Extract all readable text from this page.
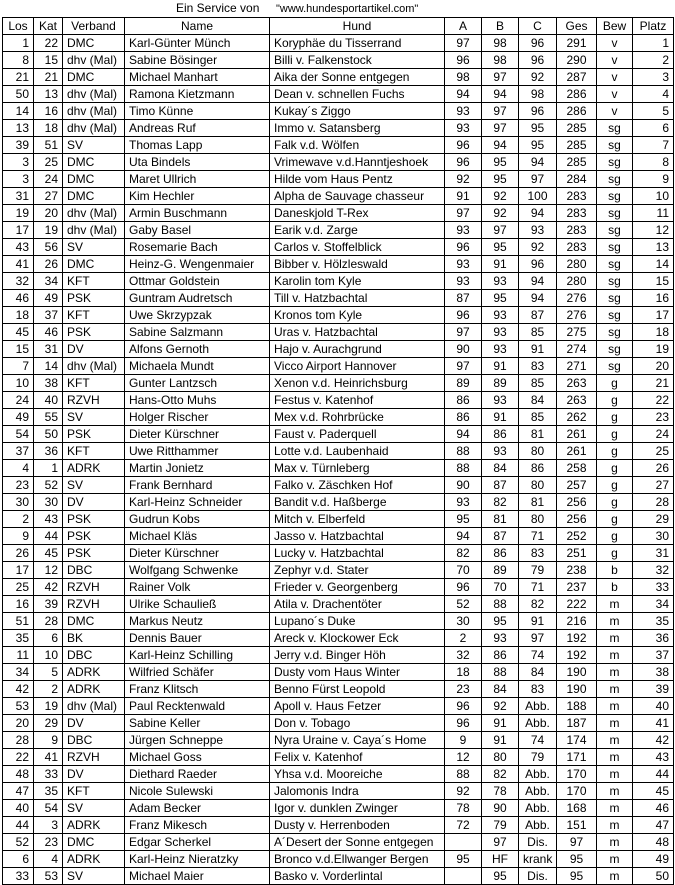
Ein Service von "www.hundesportartikel.com"
Los	Kat	Verband	Name	Hund	A	B	C	Ges	Bew	Platz
1	22	DMC	Karl-Günter Münch	Koryphäe du Tisserrand	97	98	96	291	v	1
8	15	dhv (Mal)	Sabine Bösinger	Billi v. Falkenstock	96	98	96	290	v	2
21	21	DMC	Michael Manhart	Aika der Sonne entgegen	98	97	92	287	v	3
50	13	dhv (Mal)	Ramona Kietzmann	Dean v. schnellen Fuchs	94	94	98	286	v	4
14	16	dhv (Mal)	Timo Künne	Kukay´s Ziggo	93	97	96	286	v	5
13	18	dhv (Mal)	Andreas Ruf	Immo v. Satansberg	93	97	95	285	sg	6
39	51	SV	Thomas Lapp	Falk v.d. Wölfen	96	94	95	285	sg	7
3	25	DMC	Uta Bindels	Vrimewave v.d.Hanntjeshoek	96	95	94	285	sg	8
3	24	DMC	Maret Ullrich	Hilde vom Haus Pentz	92	95	97	284	sg	9
31	27	DMC	Kim Hechler	Alpha de Sauvage chasseur	91	92	100	283	sg	10
19	20	dhv (Mal)	Armin Buschmann	Daneskjold T-Rex	97	92	94	283	sg	11
17	19	dhv (Mal)	Gaby Basel	Earik v.d. Zarge	93	97	93	283	sg	12
43	56	SV	Rosemarie Bach	Carlos v. Stoffelblick	96	95	92	283	sg	13
41	26	DMC	Heinz-G. Wengenmaier	Bibber v. Hölzleswald	93	91	96	280	sg	14
32	34	KFT	Ottmar Goldstein	Karolin tom Kyle	93	93	94	280	sg	15
46	49	PSK	Guntram Audretsch	Till v. Hatzbachtal	87	95	94	276	sg	16
18	37	KFT	Uwe Skrzypzak	Kronos tom Kyle	96	93	87	276	sg	17
45	46	PSK	Sabine Salzmann	Uras v. Hatzbachtal	97	93	85	275	sg	18
15	31	DV	Alfons Gernoth	Hajo v. Aurachgrund	90	93	91	274	sg	19
7	14	dhv (Mal)	Michaela Mundt	Vicco Airport Hannover	97	91	83	271	sg	20
10	38	KFT	Gunter Lantzsch	Xenon v.d. Heinrichsburg	89	89	85	263	g	21
24	40	RZVH	Hans-Otto Muhs	Festus v. Katenhof	86	93	84	263	g	22
49	55	SV	Holger Rischer	Mex v.d. Rohrbrücke	86	91	85	262	g	23
54	50	PSK	Dieter Kürschner	Faust v. Paderquell	94	86	81	261	g	24
37	36	KFT	Uwe Ritthammer	Lotte v.d. Laubenhaid	88	93	80	261	g	25
4	1	ADRK	Martin Jonietz	Max v. Türnleberg	88	84	86	258	g	26
23	52	SV	Frank Bernhard	Falko v. Zäschken Hof	90	87	80	257	g	27
30	30	DV	Karl-Heinz Schneider	Bandit v.d. Haßberge	93	82	81	256	g	28
2	43	PSK	Gudrun Kobs	Mitch v. Elberfeld	95	81	80	256	g	29
9	44	PSK	Michael Kläs	Jasso v. Hatzbachtal	94	87	71	252	g	30
26	45	PSK	Dieter Kürschner	Lucky v. Hatzbachtal	82	86	83	251	g	31
17	12	DBC	Wolfgang Schwenke	Zephyr v.d. Stater	70	89	79	238	b	32
25	42	RZVH	Rainer Volk	Frieder v. Georgenberg	96	70	71	237	b	33
16	39	RZVH	Ulrike Schauließ	Atila v. Drachentöter	52	88	82	222	m	34
51	28	DMC	Markus Neutz	Lupano´s Duke	30	95	91	216	m	35
35	6	BK	Dennis Bauer	Areck v. Klockower Eck	2	93	97	192	m	36
11	10	DBC	Karl-Heinz Schilling	Jerry v.d. Binger Höh	32	86	74	192	m	37
34	5	ADRK	Wilfried Schäfer	Dusty vom Haus Winter	18	88	84	190	m	38
42	2	ADRK	Franz Klitsch	Benno Fürst Leopold	23	84	83	190	m	39
53	19	dhv (Mal)	Paul Recktenwald	Apoll v. Haus Fetzer	96	92	Abb.	188	m	40
20	29	DV	Sabine Keller	Don v. Tobago	96	91	Abb.	187	m	41
28	9	DBC	Jürgen Schneppe	Nyra Uraine v. Caya´s Home	9	91	74	174	m	42
22	41	RZVH	Michael Goss	Felix v. Katenhof	12	80	79	171	m	43
48	33	DV	Diethard Raeder	Yhsa v.d. Mooreiche	88	82	Abb.	170	m	44
47	35	KFT	Nicole Sulewski	Jalomonis Indra	92	78	Abb.	170	m	45
40	54	SV	Adam Becker	Igor v. dunklen Zwinger	78	90	Abb.	168	m	46
44	3	ADRK	Franz Mikesch	Dusty v. Herrenboden	72	79	Abb.	151	m	47
52	23	DMC	Edgar Scherkel	A´Desert der Sonne entgegen		97	Dis.	97	m	48
6	4	ADRK	Karl-Heinz Nieratzky	Bronco v.d.Ellwanger Bergen	95	HF	krank	95	m	49
33	53	SV	Michael Maier	Basko v. Vorderlintal		95	Dis.	95	m	50
